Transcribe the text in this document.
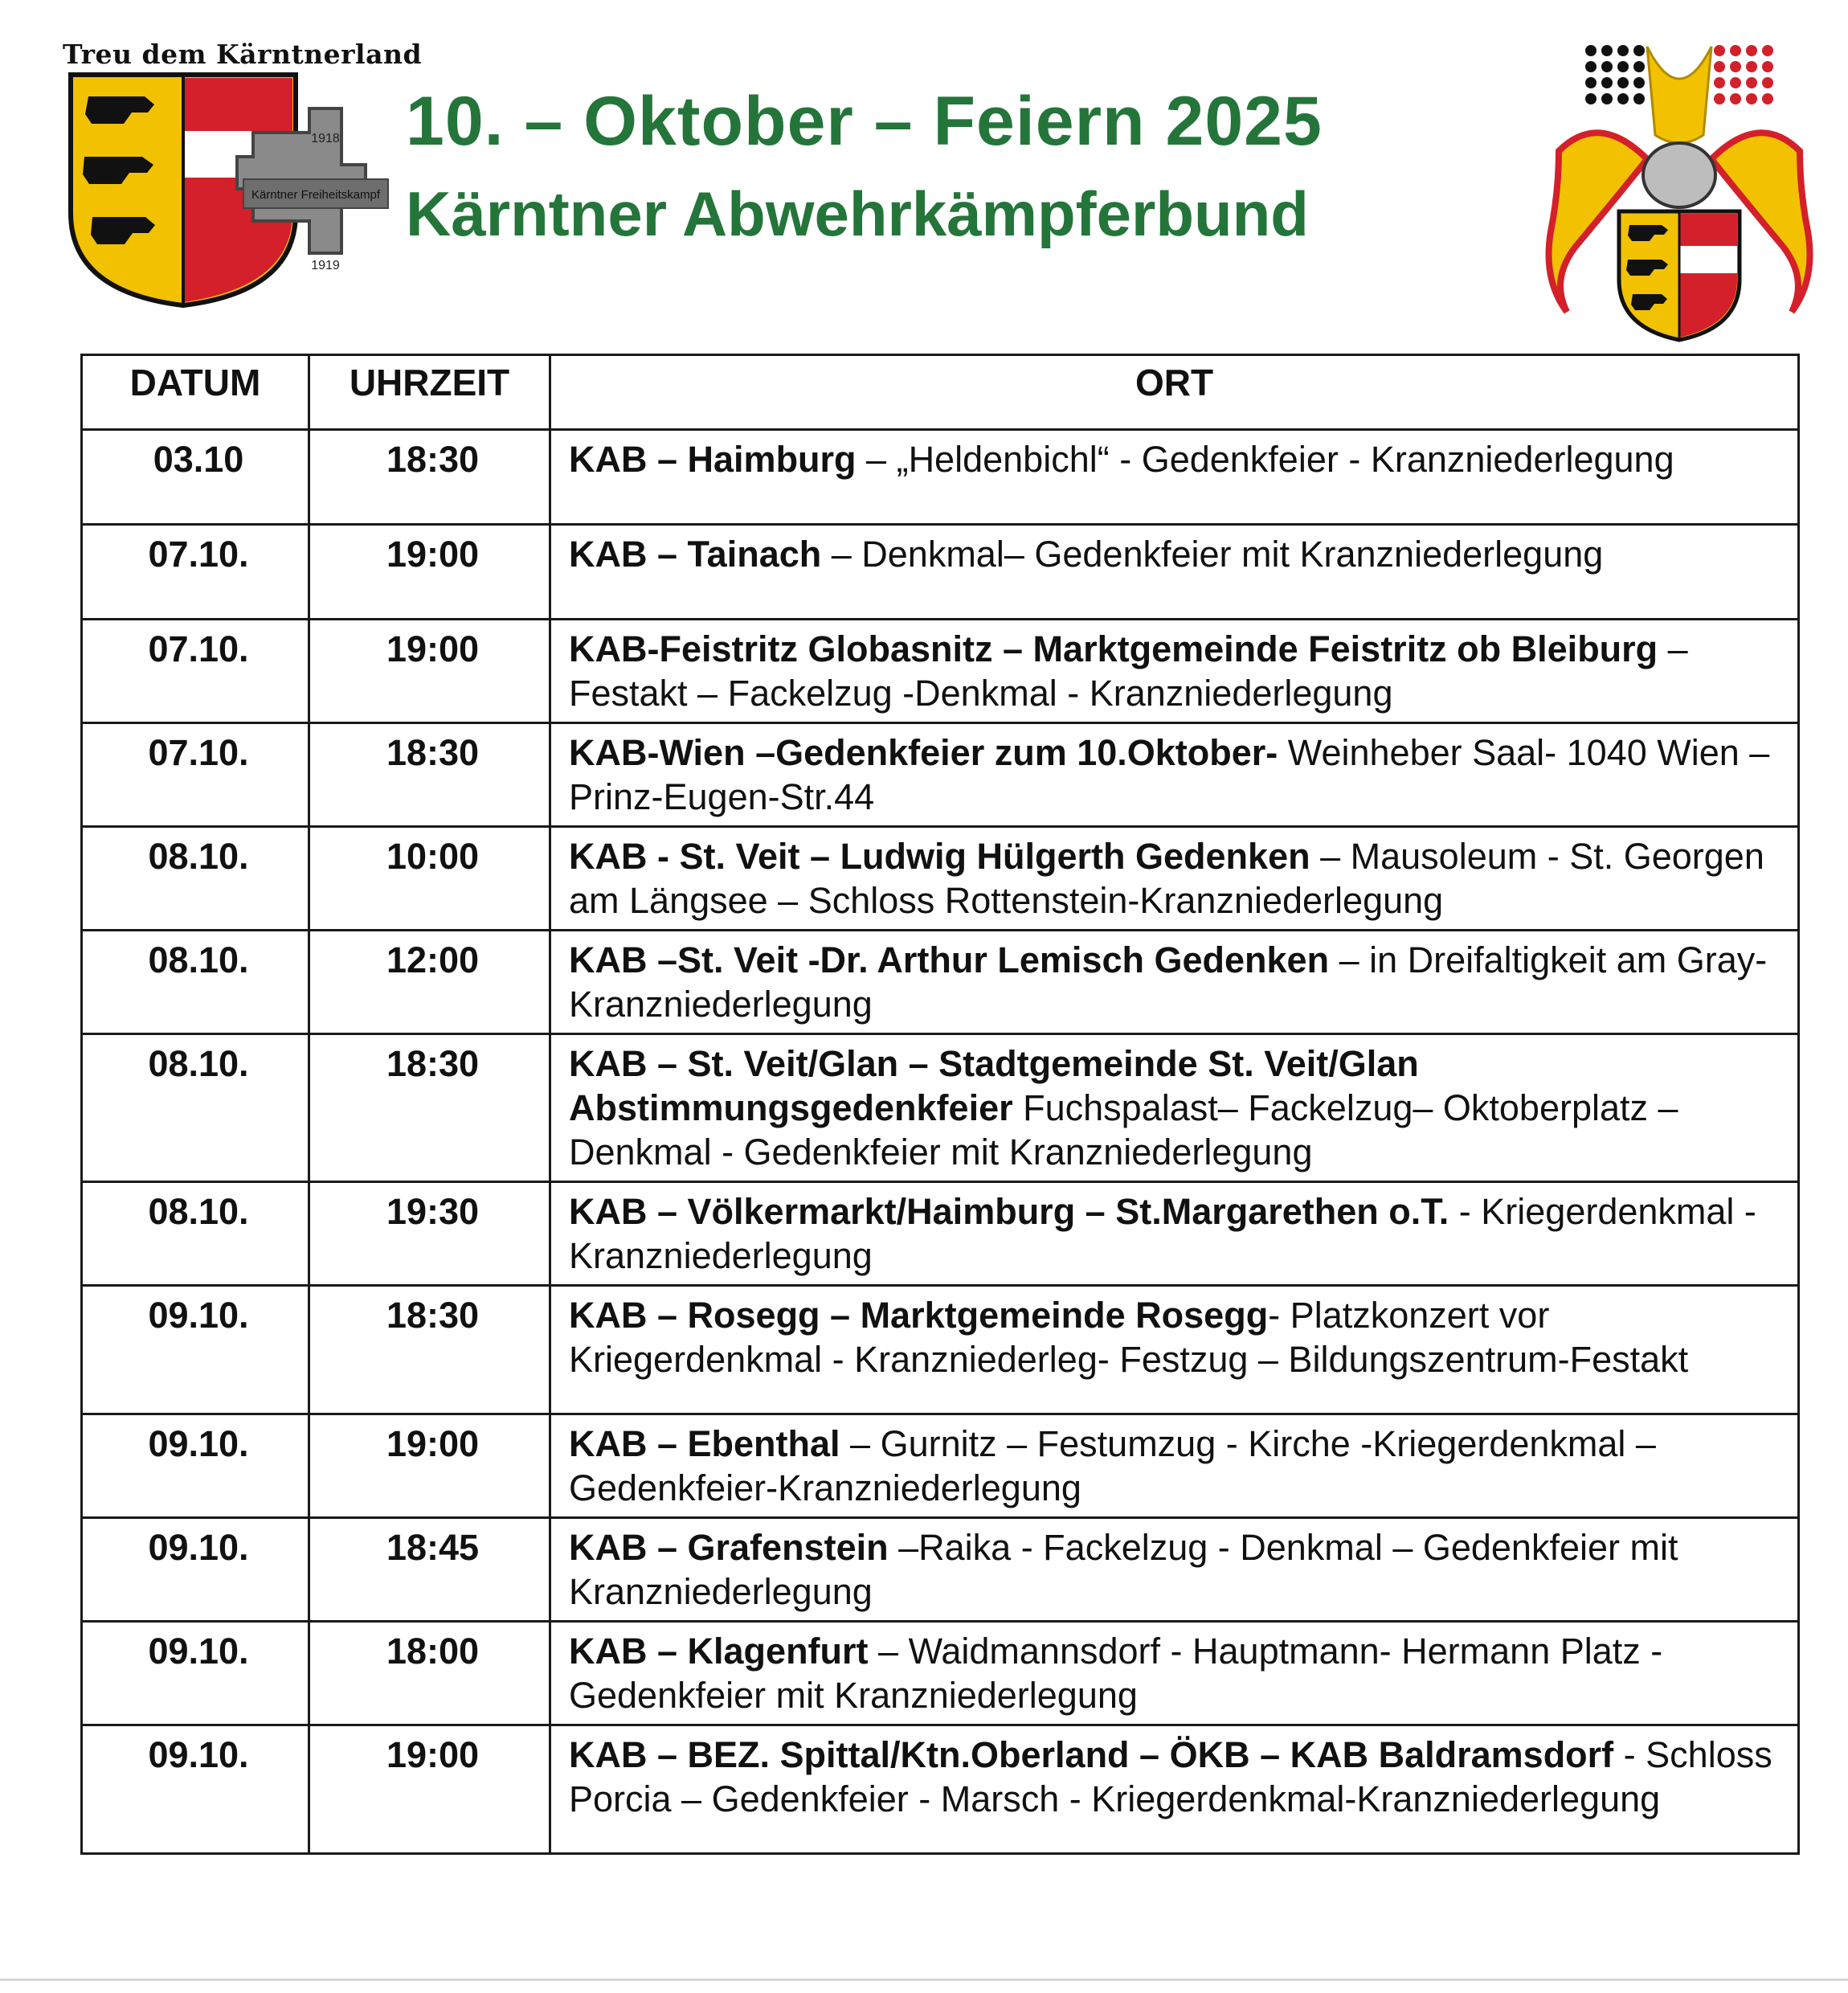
Treu dem Kärntnerland
1918
Kärntner Freiheitskampf
1919
10. – Oktober – Feiern 2025
Kärntner Abwehrkämpferbund
DATUM	UHRZEIT	ORT
03.10	18:30	KAB – Haimburg – „Heldenbichl“ - Gedenkfeier - Kranzniederlegung
07.10.	19:00	KAB – Tainach – Denkmal– Gedenkfeier mit Kranzniederlegung
07.10.	19:00	KAB-Feistritz Globasnitz – Marktgemeinde Feistritz ob Bleiburg – Festakt – Fackelzug -Denkmal - Kranzniederlegung
07.10.	18:30	KAB-Wien –Gedenkfeier zum 10.Oktober- Weinheber Saal- 1040 Wien – Prinz-Eugen-Str.44
08.10.	10:00	KAB - St. Veit – Ludwig Hülgerth Gedenken – Mausoleum - St. Georgen am Längsee – Schloss Rottenstein-Kranzniederlegung
08.10.	12:00	KAB –St. Veit -Dr. Arthur Lemisch Gedenken – in Dreifaltigkeit am Gray-Kranzniederlegung
08.10.	18:30	KAB – St. Veit/Glan – Stadtgemeinde St. Veit/Glan Abstimmungsgedenkfeier Fuchspalast– Fackelzug– Oktoberplatz – Denkmal - Gedenkfeier mit Kranzniederlegung
08.10.	19:30	KAB – Völkermarkt/Haimburg – St.Margarethen o.T. - Kriegerdenkmal -Kranzniederlegung
09.10.	18:30	KAB – Rosegg – Marktgemeinde Rosegg- Platzkonzert vor Kriegerdenkmal - Kranzniederleg- Festzug – Bildungszentrum-Festakt
09.10.	19:00	KAB – Ebenthal – Gurnitz – Festumzug - Kirche -Kriegerdenkmal – Gedenkfeier-Kranzniederlegung
09.10.	18:45	KAB – Grafenstein –Raika - Fackelzug - Denkmal – Gedenkfeier mit Kranzniederlegung
09.10.	18:00	KAB – Klagenfurt – Waidmannsdorf - Hauptmann- Hermann Platz - Gedenkfeier mit Kranzniederlegung
09.10.	19:00	KAB – BEZ. Spittal/Ktn.Oberland – ÖKB – KAB Baldramsdorf - Schloss Porcia – Gedenkfeier - Marsch - Kriegerdenkmal-Kranzniederlegung
